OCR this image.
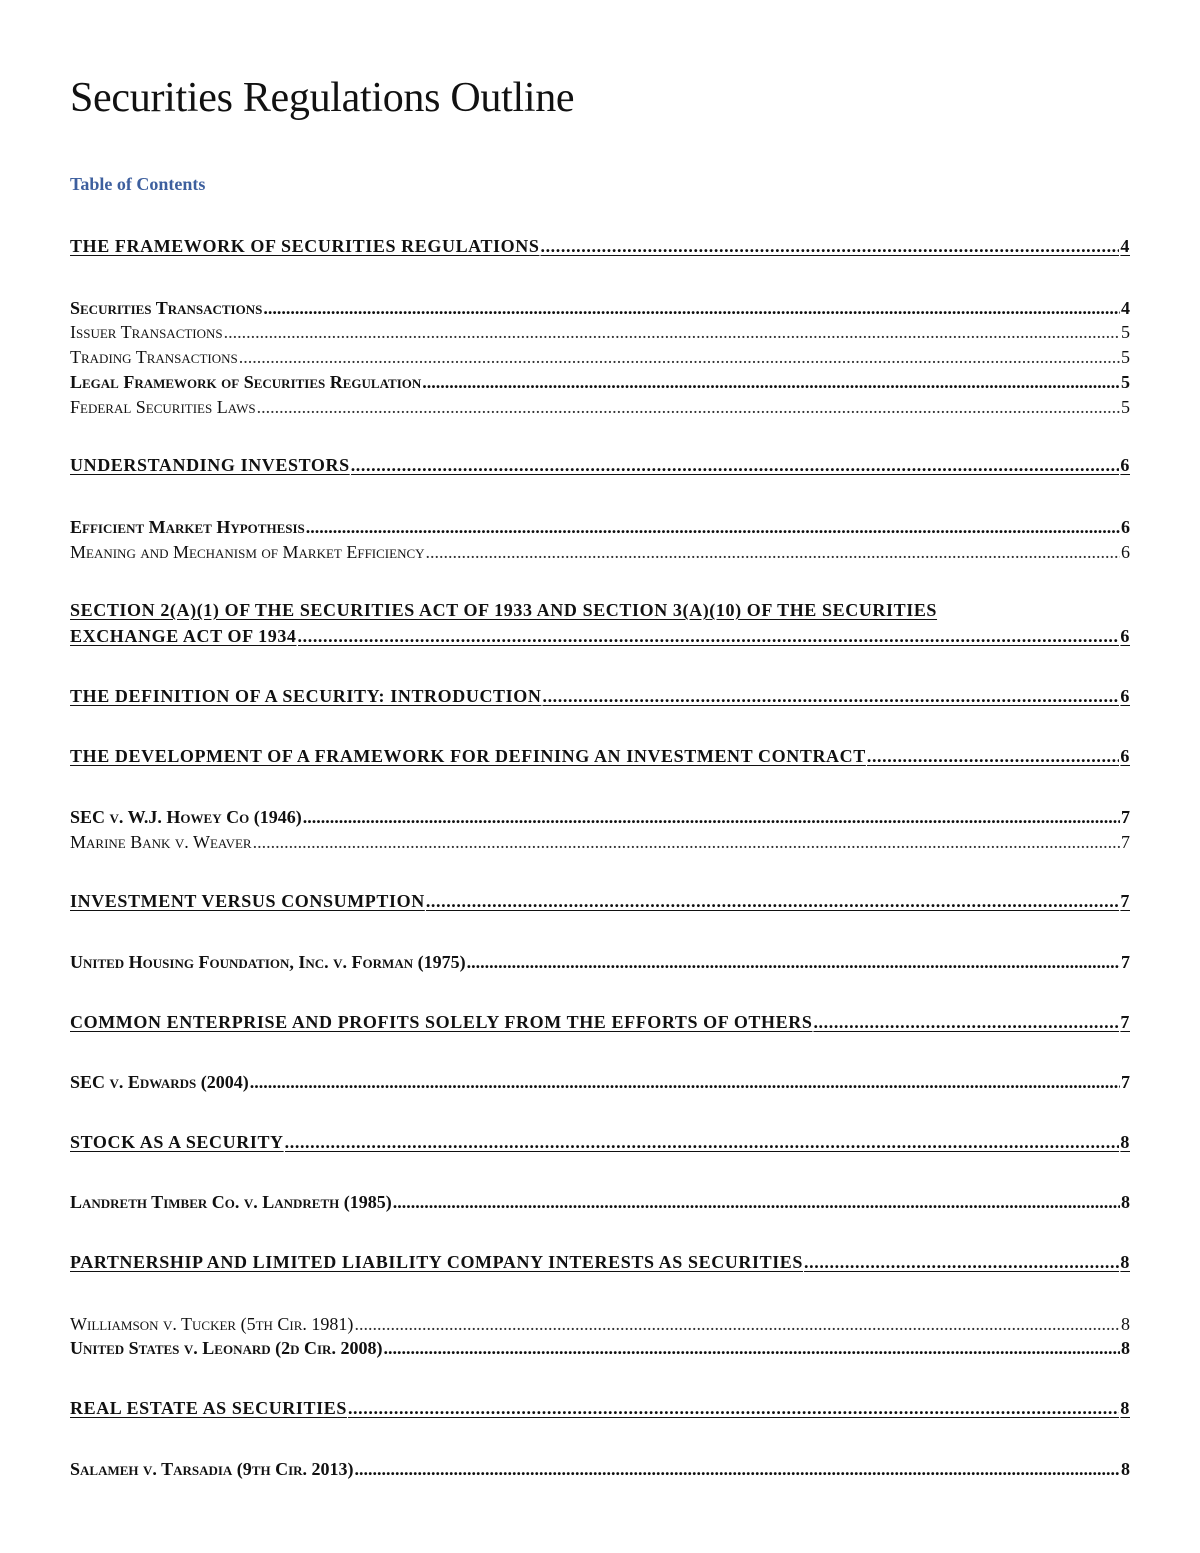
Securities Regulations Outline
Table of Contents
THE FRAMEWORK OF SECURITIES REGULATIONS .....	4
Securities Transactions .....	4
Issuer Transactions .....	5
Trading Transactions .....	5
Legal Framework of Securities Regulation .....	5
Federal Securities Laws .....	5
UNDERSTANDING INVESTORS .....	6
Efficient Market Hypothesis .....	6
Meaning and Mechanism of Market Efficiency .....	6
SECTION 2(A)(1) OF THE SECURITIES ACT OF 1933 AND SECTION 3(A)(10) OF THE SECURITIES
EXCHANGE ACT OF 1934 .....	6
THE DEFINITION OF A SECURITY: INTRODUCTION .....	6
THE DEVELOPMENT OF A FRAMEWORK FOR DEFINING AN INVESTMENT CONTRACT .....	6
SEC v. W.J. Howey Co (1946) .....	7
Marine Bank v. Weaver .....	7
INVESTMENT VERSUS CONSUMPTION .....	7
United Housing Foundation, Inc. v. Forman (1975) .....	7
COMMON ENTERPRISE AND PROFITS SOLELY FROM THE EFFORTS OF OTHERS .....	7
SEC v. Edwards (2004) .....	7
STOCK AS A SECURITY .....	8
Landreth Timber Co. v. Landreth (1985) .....	8
PARTNERSHIP AND LIMITED LIABILITY COMPANY INTERESTS AS SECURITIES .....	8
Williamson v. Tucker (5th Cir. 1981) .....	8
United States v. Leonard (2d Cir. 2008) .....	8
REAL ESTATE AS SECURITIES .....	8
Salameh v. Tarsadia (9th Cir. 2013) .....	8
